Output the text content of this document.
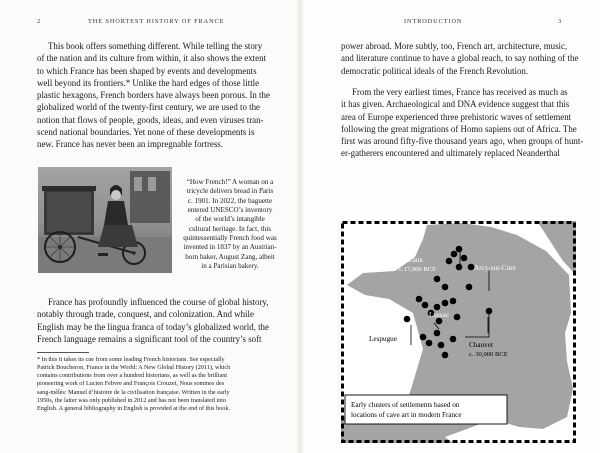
2	THE SHORTEST HISTORY OF FRANCE
This book offers something different. While telling the story
of the nation and its culture from within, it also shows the extent
to which France has been shaped by events and developments
well beyond its frontiers.* Unlike the hard edges of those little
plastic hexagons, French borders have always been porous. In the
globalized world of the twenty-first century, we are used to the
notion that flows of people, goods, ideas, and even viruses tran-
scend national boundaries. Yet none of these developments is
new. France has never been an impregnable fortress.
“How French!” A woman on a
tricycle delivers bread in Paris
c. 1901. In 2022, the baguette
entered UNESCO’s inventory
of the world’s intangible
cultural heritage. In fact, this
quintessentially French food was
invented in 1837 by an Austrian-
born baker, August Zang, albeit
in a Parisian bakery.
France has profoundly influenced the course of global history,
notably through trade, conquest, and colonization. And while
English may be the lingua franca of today’s globalized world, the
French language remains a significant tool of the country’s soft
* In this it takes its cue from some leading French historians. See especially
Patrick Boucheron, France in the World: A New Global History (2011), which
contains contributions from over a hundred historians, as well as the brilliant
pioneering work of Lucien Febvre and François Crouzet, Nous sommes des
sang-mêlés: Manuel d’histoire de la civilisation française. Written in the early
1950s, the latter was only published in 2012 and has not been translated into
English. A general bibliography in English is provided at the end of this book.
INTRODUCTION	3
power abroad. More subtly, too, French art, architecture, music,
and literature continue to have a global reach, to say nothing of the
democratic political ideals of the French Revolution.
From the very earliest times, France has received as much as
it has given. Archaeological and DNA evidence suggest that this
area of Europe experienced three prehistoric waves of settlement
following the great migrations of Homo sapiens out of Africa. The
first was around fifty-five thousand years ago, when groups of hunt-
er-gatherers encountered and ultimately replaced Neanderthal
Lascaux
c.17,000 BCE	Arcy-sur-Cure
Lussac
Lespugue
Niaux
Chauvet
c. 30,000 BCE
Early clusters of settlements based on
locations of cave art in modern France
